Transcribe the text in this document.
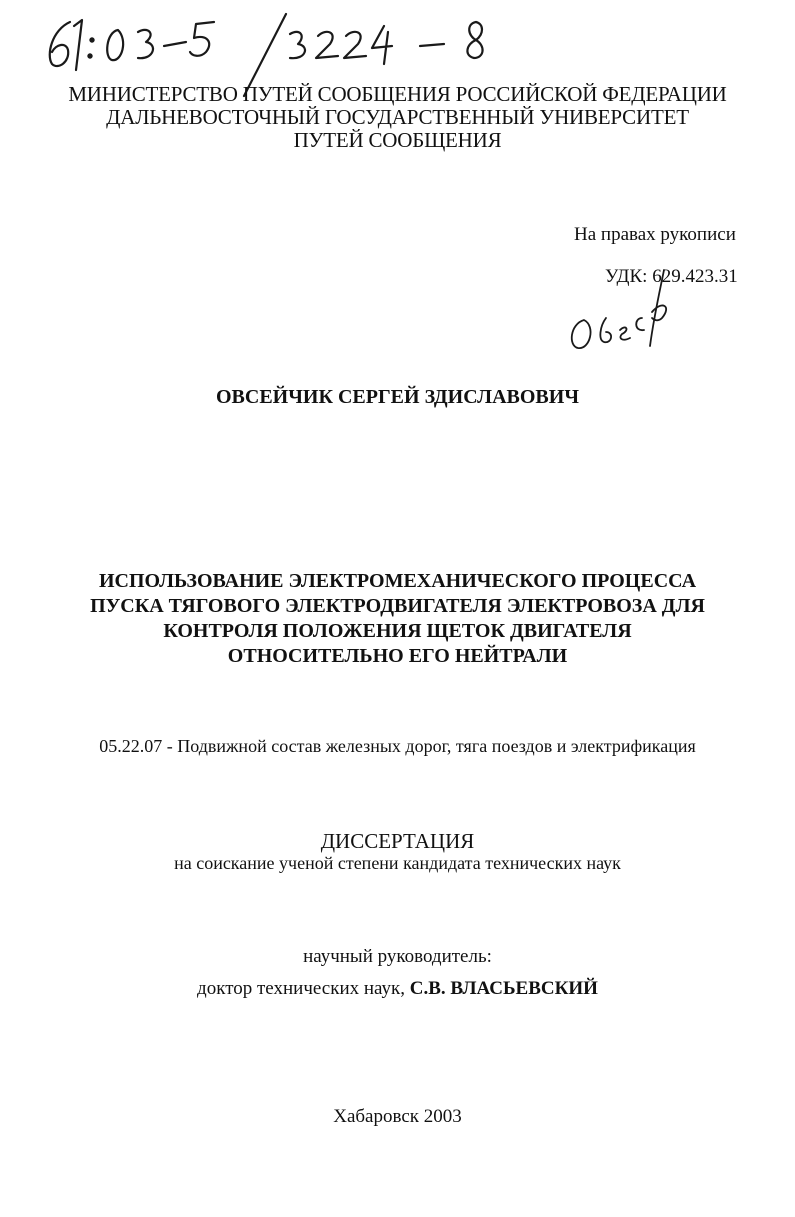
МИНИСТЕРСТВО ПУТЕЙ СООБЩЕНИЯ РОССИЙСКОЙ ФЕДЕРАЦИИ
ДАЛЬНЕВОСТОЧНЫЙ ГОСУДАРСТВЕННЫЙ УНИВЕРСИТЕТ
ПУТЕЙ СООБЩЕНИЯ
На правах рукописи
УДК: 629.423.31
ОВСЕЙЧИК СЕРГЕЙ ЗДИСЛАВОВИЧ
ИСПОЛЬЗОВАНИЕ ЭЛЕКТРОМЕХАНИЧЕСКОГО ПРОЦЕССА
ПУСКА ТЯГОВОГО ЭЛЕКТРОДВИГАТЕЛЯ ЭЛЕКТРОВОЗА ДЛЯ
КОНТРОЛЯ ПОЛОЖЕНИЯ ЩЕТОК ДВИГАТЕЛЯ
ОТНОСИТЕЛЬНО ЕГО НЕЙТРАЛИ
05.22.07 - Подвижной состав железных дорог, тяга поездов и электрификация
ДИССЕРТАЦИЯ
на соискание ученой степени кандидата технических наук
научный руководитель:
доктор технических наук, С.В. ВЛАСЬЕВСКИЙ
Хабаровск 2003
